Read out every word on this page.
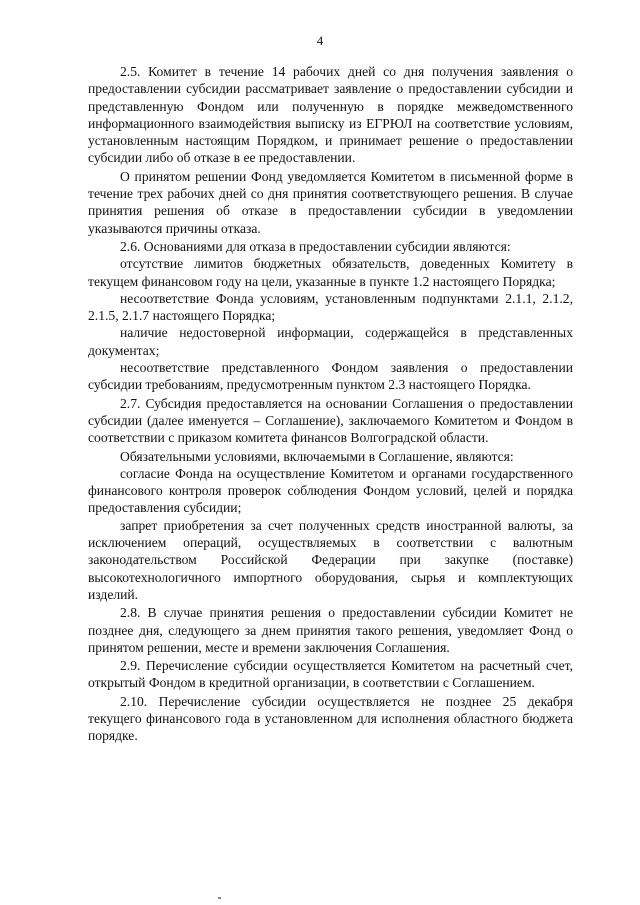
4

2.5. Комитет в течение 14 рабочих дней со дня получения заявления о предоставлении субсидии рассматривает заявление о предоставлении субсидии и представленную Фондом или полученную в порядке межведомственного информационного взаимодействия выписку из ЕГРЮЛ на соответствие условиям, установленным настоящим Порядком, и принимает решение о предоставлении субсидии либо об отказе в ее предоставлении.

О принятом решении Фонд уведомляется Комитетом в письменной форме в течение трех рабочих дней со дня принятия соответствующего решения. В случае принятия решения об отказе в предоставлении субсидии в уведомлении указываются причины отказа.

2.6. Основаниями для отказа в предоставлении субсидии являются:

отсутствие лимитов бюджетных обязательств, доведенных Комитету в текущем финансовом году на цели, указанные в пункте 1.2 настоящего Порядка;

несоответствие Фонда условиям, установленным подпунктами 2.1.1, 2.1.2, 2.1.5, 2.1.7 настоящего Порядка;

наличие недостоверной информации, содержащейся в представленных документах;

несоответствие представленного Фондом заявления о предоставлении субсидии требованиям, предусмотренным пунктом 2.3 настоящего Порядка.

2.7. Субсидия предоставляется на основании Соглашения о предоставлении субсидии (далее именуется – Соглашение), заключаемого Комитетом и Фондом в соответствии с приказом комитета финансов Волгоградской области.

Обязательными условиями, включаемыми в Соглашение, являются:

согласие Фонда на осуществление Комитетом и органами государственного финансового контроля проверок соблюдения Фондом условий, целей и порядка предоставления субсидии;

запрет приобретения за счет полученных средств иностранной валюты, за исключением операций, осуществляемых в соответствии с валютным законодательством Российской Федерации при закупке (поставке) высокотехнологичного импортного оборудования, сырья и комплектующих изделий.

2.8. В случае принятия решения о предоставлении субсидии Комитет не позднее дня, следующего за днем принятия такого решения, уведомляет Фонд о принятом решении, месте и времени заключения Соглашения.

2.9. Перечисление субсидии осуществляется Комитетом на расчетный счет, открытый Фондом в кредитной организации, в соответствии с Соглашением.

2.10. Перечисление субсидии осуществляется не позднее 25 декабря текущего финансового года в установленном для исполнения областного бюджета порядке.
